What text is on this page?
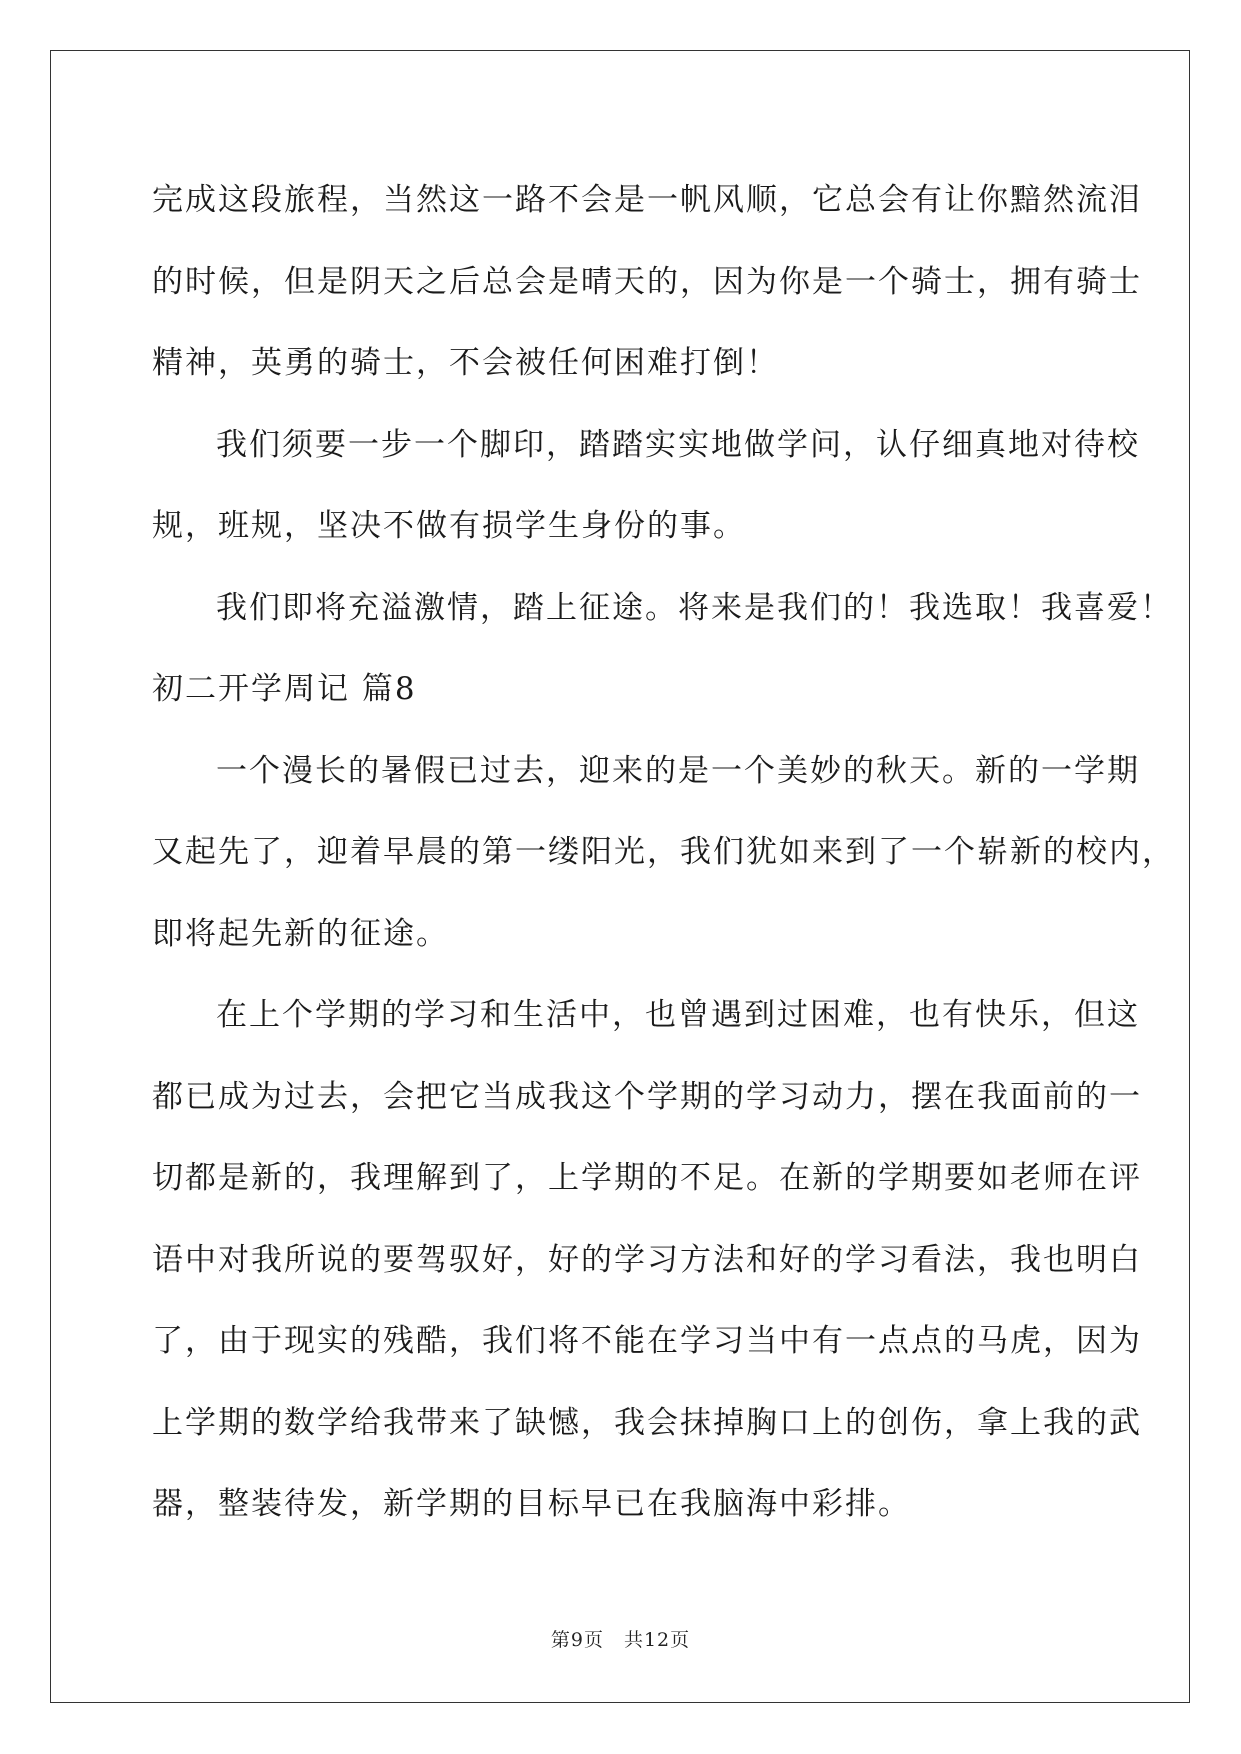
完成这段旅程，当然这一路不会是一帆风顺，它总会有让你黯然流泪
的时候，但是阴天之后总会是晴天的，因为你是一个骑士，拥有骑士
精神，英勇的骑士，不会被任何困难打倒！
我们须要一步一个脚印，踏踏实实地做学问，认仔细真地对待校
规，班规，坚决不做有损学生身份的事。
我们即将充溢激情，踏上征途。将来是我们的！我选取！我喜爱！
初二开学周记 篇8
一个漫长的暑假已过去，迎来的是一个美妙的秋天。新的一学期
又起先了，迎着早晨的第一缕阳光，我们犹如来到了一个崭新的校内，
即将起先新的征途。
在上个学期的学习和生活中，也曾遇到过困难，也有快乐，但这
都已成为过去，会把它当成我这个学期的学习动力，摆在我面前的一
切都是新的，我理解到了，上学期的不足。在新的学期要如老师在评
语中对我所说的要驾驭好，好的学习方法和好的学习看法，我也明白
了，由于现实的残酷，我们将不能在学习当中有一点点的马虎，因为
上学期的数学给我带来了缺憾，我会抹掉胸口上的创伤，拿上我的武
器，整装待发，新学期的目标早已在我脑海中彩排。
第9页 共12页
